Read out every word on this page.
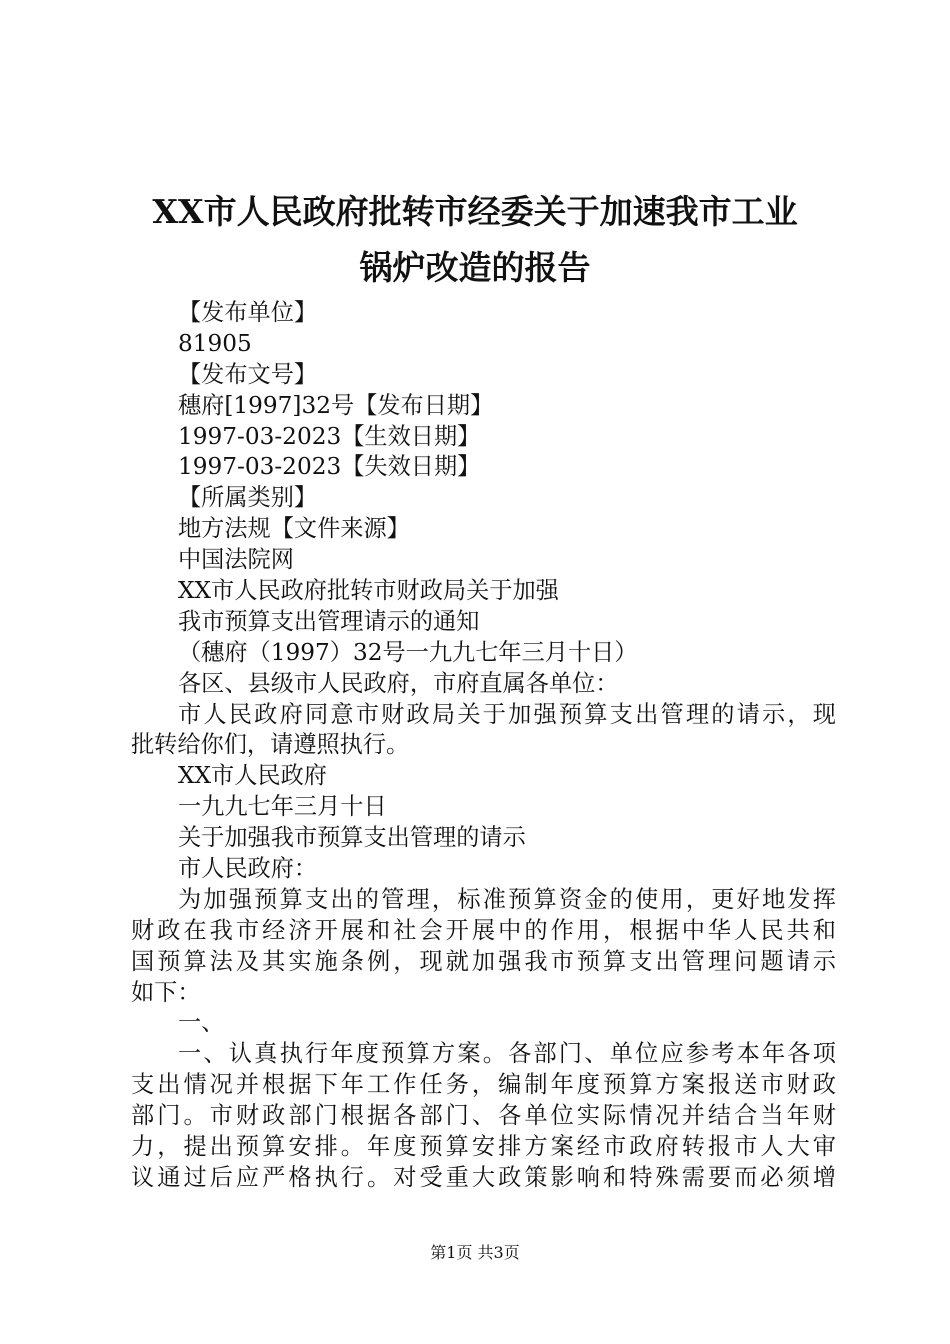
XX市人民政府批转市经委关于加速我市工业
锅炉改造的报告
【发布单位】
81905
【发布文号】
穗府[1997]32号【发布日期】
1997-03-2023【生效日期】
1997-03-2023【失效日期】
【所属类别】
地方法规【文件来源】
中国法院网
XX市人民政府批转市财政局关于加强
我市预算支出管理请示的通知
（穗府（1997）32号一九九七年三月十日）
各区、县级市人民政府，市府直属各单位：
市人民政府同意市财政局关于加强预算支出管理的请示，现
批转给你们，请遵照执行。
XX市人民政府
一九九七年三月十日
关于加强我市预算支出管理的请示
市人民政府：
为加强预算支出的管理，标准预算资金的使用，更好地发挥
财政在我市经济开展和社会开展中的作用，根据中华人民共和
国预算法及其实施条例，现就加强我市预算支出管理问题请示
如下：
一、
一、认真执行年度预算方案。各部门、单位应参考本年各项
支出情况并根据下年工作任务，编制年度预算方案报送市财政
部门。市财政部门根据各部门、各单位实际情况并结合当年财
力，提出预算安排。年度预算安排方案经市政府转报市人大审
议通过后应严格执行。对受重大政策影响和特殊需要而必须增
第1页 共3页
